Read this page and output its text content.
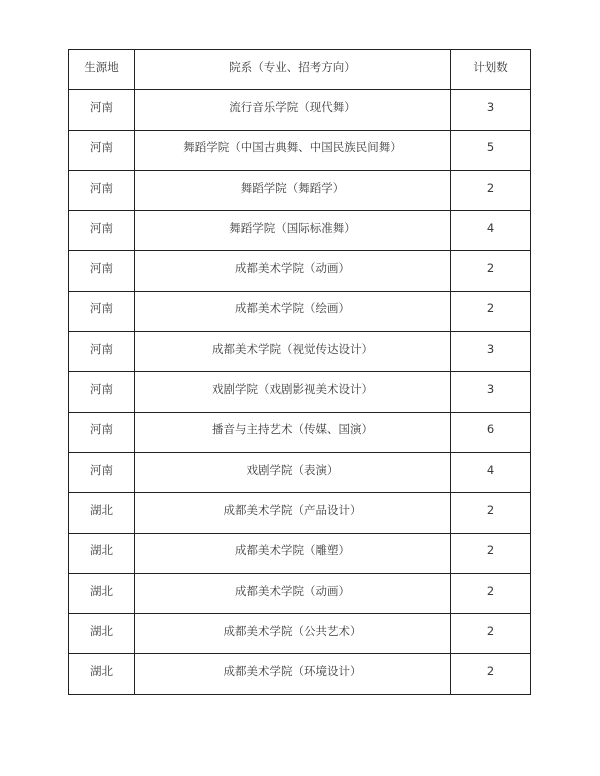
生源地	院系（专业、招考方向）	计划数
河南	流行音乐学院（现代舞）	3
河南	舞蹈学院（中国古典舞、中国民族民间舞）	5
河南	舞蹈学院（舞蹈学）	2
河南	舞蹈学院（国际标准舞）	4
河南	成都美术学院（动画）	2
河南	成都美术学院（绘画）	2
河南	成都美术学院（视觉传达设计）	3
河南	戏剧学院（戏剧影视美术设计）	3
河南	播音与主持艺术（传媒、国演）	6
河南	戏剧学院（表演）	4
湖北	成都美术学院（产品设计）	2
湖北	成都美术学院（雕塑）	2
湖北	成都美术学院（动画）	2
湖北	成都美术学院（公共艺术）	2
湖北	成都美术学院（环境设计）	2
